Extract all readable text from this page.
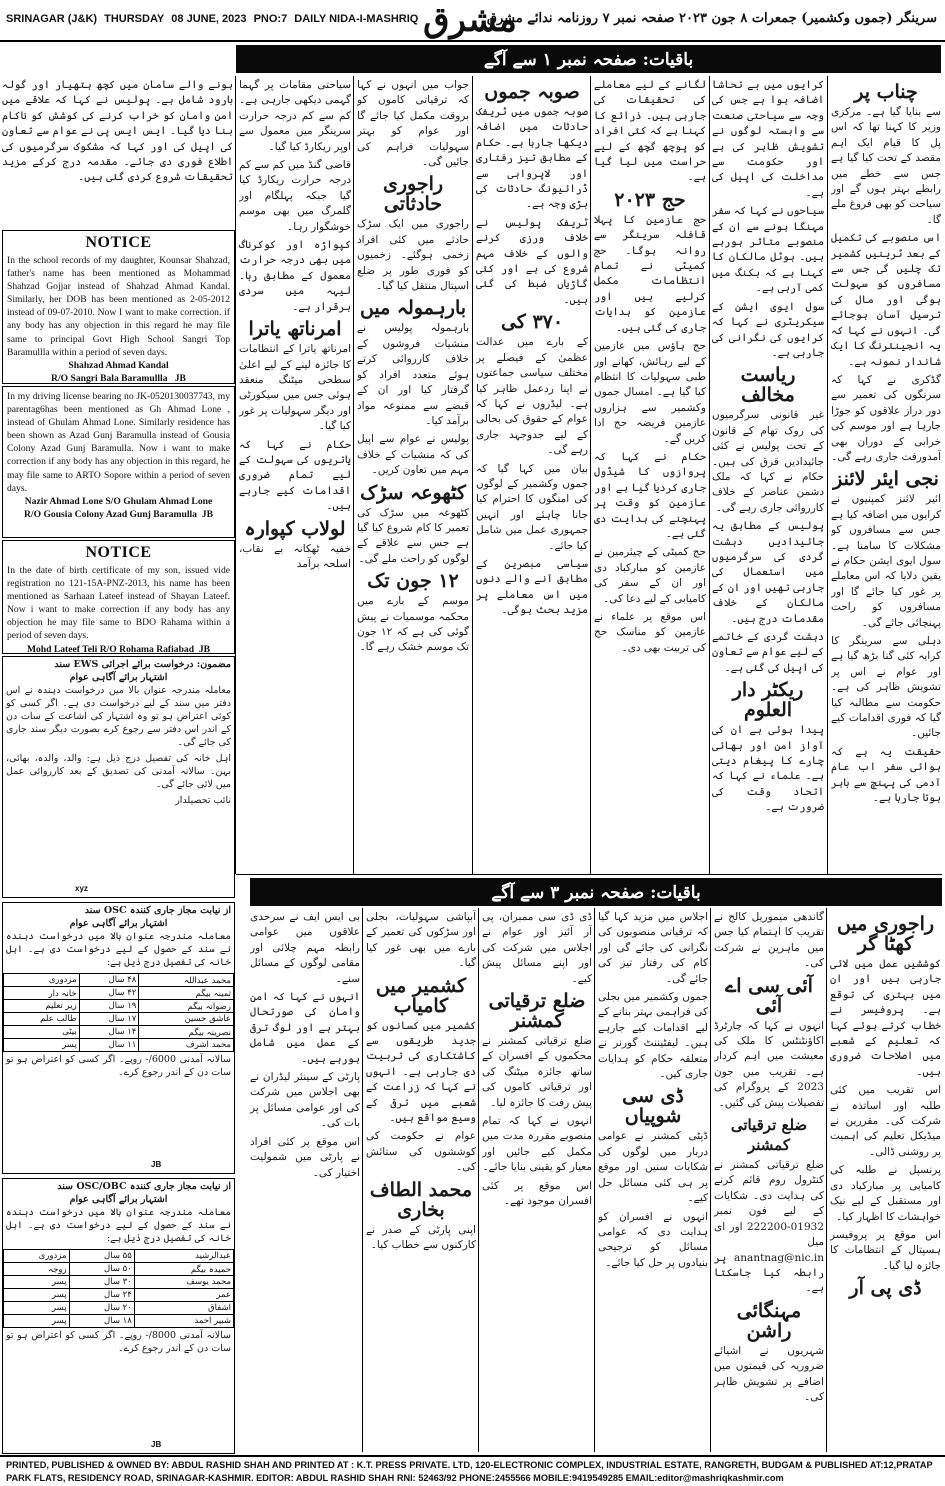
SRINAGAR (J&K) THURSDAY 08 JUNE, 2023 PNO:7 DAILY NIDA-I-MASHRIQ مشرق
سرینگر (جموں وکشمیر) جمعرات ۸ جون ۲۰۲۳ صفحہ نمبر ۷ روزنامہ ندائے مشرق
باقیات: صفحہ نمبر ۱ سے آگے
باقیات: صفحہ نمبر ۳ سے آگے
چناب پر

سے بنایا گیا ہے۔ مرکزی وزیر کا کہنا تھا کہ اس پل کا قیام ایک اہم مقصد کے تحت کیا گیا ہے جس سے خطے میں رابطے بہتر ہوں گے اور سیاحت کو بھی فروغ ملے گا۔

اس منصوبے کی تکمیل کے بعد ٹرینیں کشمیر تک چلیں گی جس سے مسافروں کو سہولت ہوگی اور مال کی ترسیل آسان ہوجائے گی۔ انہوں نے کہا کہ یہ انجینئرنگ کا ایک شاندار نمونہ ہے۔

گڈکری نے کہا کہ سرنگوں کی تعمیر سے دور دراز علاقوں کو جوڑا جارہا ہے اور موسم کی خرابی کے دوران بھی آمدورفت جاری رہے گی۔

نجی ایئر لائنز

ائیر لائنز کمپنیوں نے کرایوں میں اضافہ کیا ہے جس سے مسافروں کو مشکلات کا سامنا ہے۔ سول ایوی ایشن حکام نے یقین دلایا کہ اس معاملے پر غور کیا جائے گا اور مسافروں کو راحت پہنچائی جائے گی۔

دہلی سے سرینگر کا کرایہ کئی گنا بڑھ گیا ہے اور عوام نے اس پر تشویش ظاہر کی ہے۔ حکومت سے مطالبہ کیا گیا کہ فوری اقدامات کیے جائیں۔

حقیقت یہ ہے کہ ہوائی سفر اب عام آدمی کی پہنچ سے باہر ہوتا جارہا ہے۔

کرایوں میں بے تحاشا اضافہ ہوا ہے جس کی وجہ سے سیاحتی صنعت سے وابستہ لوگوں نے تشویش ظاہر کی ہے اور حکومت سے مداخلت کی اپیل کی ہے۔

سیاحوں نے کہا کہ سفر مہنگا ہونے سے ان کے منصوبے متاثر ہورہے ہیں۔ ہوٹل مالکان کا کہنا ہے کہ بکنگ میں کمی آرہی ہے۔

سول ایوی ایشن کے سیکریٹری نے کہا کہ کرایوں کی نگرانی کی جارہی ہے۔

ریاست مخالف

غیر قانونی سرگرمیوں کی روک تھام کے قانون کے تحت پولیس نے کئی جائیدادیں قرق کی ہیں۔ حکام نے کہا کہ ملک دشمن عناصر کے خلاف کارروائی جاری رہے گی۔

پولیس کے مطابق یہ جائیدادیں دہشت گردی کی سرگرمیوں میں استعمال کی جارہی تھیں اور ان کے مالکان کے خلاف مقدمات درج ہیں۔

دہشت گردی کے خاتمے کے لیے عوام سے تعاون کی اپیل کی گئی ہے۔

ریکٹر دار العلوم

پیدا ہوئی ہے ان کی آواز امن اور بھائی چارے کا پیغام دیتی ہے۔ علماء نے کہا کہ اتحاد وقت کی ضرورت ہے۔

لگانے کے لیے معاملے کی تحقیقات کی جارہی ہیں۔ ذرائع کا کہنا ہے کہ کئی افراد کو پوچھ گچھ کے لیے حراست میں لیا گیا ہے۔

حج ۲۰۲۳

حج عازمین کا پہلا قافلہ سرینگر سے روانہ ہوگا۔ حج کمیٹی نے تمام انتظامات مکمل کرلیے ہیں اور عازمین کو ہدایات جاری کی گئی ہیں۔

حج ہاؤس میں عازمین کے لیے رہائش، کھانے اور طبی سہولیات کا انتظام کیا گیا ہے۔ امسال جموں وکشمیر سے ہزاروں عازمین فریضہ حج ادا کریں گے۔

حکام نے کہا کہ پروازوں کا شیڈول جاری کردیا گیا ہے اور عازمین کو وقت پر پہنچنے کی ہدایت دی گئی ہے۔

حج کمیٹی کے چیئرمین نے عازمین کو مبارکباد دی اور ان کے سفر کی کامیابی کے لیے دعا کی۔

اس موقع پر علماء نے عازمین کو مناسک حج کی تربیت بھی دی۔

صوبہ جموں

صوبہ جموں میں ٹریفک حادثات میں اضافہ دیکھا جارہا ہے۔ حکام کے مطابق تیز رفتاری اور لاپرواہی سے ڈرائیونگ حادثات کی بڑی وجہ ہے۔

ٹریفک پولیس نے خلاف ورزی کرنے والوں کے خلاف مہم شروع کی ہے اور کئی گاڑیاں ضبط کی گئی ہیں۔

۳۷۰ کی

کے بارے میں عدالت عظمیٰ کے فیصلے پر مختلف سیاسی جماعتوں نے اپنا ردعمل ظاہر کیا ہے۔ لیڈروں نے کہا کہ عوام کے حقوق کی بحالی کے لیے جدوجہد جاری رہے گی۔

بیان میں کہا گیا کہ جموں وکشمیر کے لوگوں کی امنگوں کا احترام کیا جانا چاہئے اور انہیں جمہوری عمل میں شامل کیا جائے۔

سیاسی مبصرین کے مطابق آنے والے دنوں میں اس معاملے پر مزید بحث ہوگی۔

جواب میں انہوں نے کہا کہ ترقیاتی کاموں کو بروقت مکمل کیا جائے گا اور عوام کو بہتر سہولیات فراہم کی جائیں گی۔

راجوری حادثاتی

راجوری میں ایک سڑک حادثے میں کئی افراد زخمی ہوگئے۔ زخمیوں کو فوری طور پر ضلع اسپتال منتقل کیا گیا۔

بارہمولہ میں

بارہمولہ پولیس نے منشیات فروشوں کے خلاف کارروائی کرتے ہوئے متعدد افراد کو گرفتار کیا اور ان کے قبضے سے ممنوعہ مواد برآمد کیا۔

پولیس نے عوام سے اپیل کی کہ منشیات کے خلاف مہم میں تعاون کریں۔

کٹھوعہ سڑک

کٹھوعہ میں سڑک کی تعمیر کا کام شروع کیا گیا ہے جس سے علاقے کے لوگوں کو راحت ملے گی۔

۱۲ جون تک

موسم کے بارے میں محکمہ موسمیات نے پیش گوئی کی ہے کہ ۱۲ جون تک موسم خشک رہے گا۔

سیاحتی مقامات پر گہما گہمی دیکھی جارہی ہے۔ کم سے کم درجہ حرارت سرینگر میں معمول سے اوپر ریکارڈ کیا گیا۔

قاضی گنڈ میں کم سے کم درجہ حرارت ریکارڈ کیا گیا جبکہ پہلگام اور گلمرگ میں بھی موسم خوشگوار رہا۔

کپواڑہ اور کوکرناگ میں بھی درجہ حرارت معمول کے مطابق رہا۔ لیہہ میں سردی برقرار ہے۔

امرناتھ یاترا

امرناتھ یاترا کے انتظامات کا جائزہ لینے کے لیے اعلیٰ سطحی میٹنگ منعقد ہوئی جس میں سیکورٹی اور دیگر سہولیات پر غور کیا گیا۔

حکام نے کہا کہ یاتریوں کی سہولت کے لیے تمام ضروری اقدامات کیے جارہے ہیں۔

لولاب کپوارہ

خفیہ ٹھکانہ بے نقاب، اسلحہ برآمد

ہونے والے سامان میں کچھ ہتھیار اور گولہ بارود شامل ہے۔ پولیس نے کہا کہ علاقے میں امن وامان کو خراب کرنے کی کوشش کو ناکام بنا دیا گیا۔ ایس ایس پی نے عوام سے تعاون کی اپیل کی اور کہا کہ مشکوک سرگرمیوں کی اطلاع فوری دی جائے۔ مقدمہ درج کرکے مزید تحقیقات شروع کردی گئی ہیں۔

NOTICE
In the school records of my daughter, Kounsar Shahzad, father's name has been mentioned as Mohammad Shahzad Gojjar instead of Shahzad Ahmad Kandal. Similarly, her DOB has been mentioned as 2-05-2012 instead of 09-07-2010. Now I want to make correction. if any body has any objection in this regard he may file same to principal Govt High School Sangri Top Baramullla within a period of seven days.
Shahzad Ahmad Kandal
R/O Sangri Bala Baramullla JB
In my driving license bearing no JK-0520130037743, my parentag6has been mentioned as Gh Ahmad Lone , instead of Ghulam Ahmad Lone. Similarly residence has been shown as Azad Gunj Baramulla instead of Gousia Colony Azad Gunj Baramulla. Now i want to make correction if any body has any objection in this regard, he may file same to ARTO Sopore within a period of seven days.
Nazir Ahmad Lone S/O Ghulam Ahmad Lone
R/O Gousia Colony Azad Gunj Baramulla JB
NOTICE
In the date of birth certificate of my son, issued vide registration no 121-15A-PNZ-2013, his name has been mentioned as Sarhaan Lateef instead of Shayan Lateef. Now i want to make correction if any body has any objection he may file same to BDO Rahama within a period of seven days.
Mohd Lateef Teli R/O Rohama Rafiabad JB
مضمون: درخواست برائے اجرائی EWS سند
اشتہار برائے آگاہی عوام

معاملہ مندرجہ عنوان بالا میں درخواست دہندہ نے اس دفتر میں سند کے لیے درخواست دی ہے۔ اگر کسی کو کوئی اعتراض ہو تو وہ اشتہار کی اشاعت کے سات دن کے اندر اس دفتر سے رجوع کرے بصورت دیگر سند جاری کی جائے گی۔

اہل خانہ کی تفصیل درج ذیل ہے: والد، والدہ، بھائی، بہن۔ سالانہ آمدنی کی تصدیق کے بعد کارروائی عمل میں لائی جائے گی۔

نائب تحصیلدار

xyz
از نیابت مجاز جاری کنندہ OSC سند
اشتہار برائے آگاہی عوام

معاملہ مندرجہ عنوان بالا میں درخواست دہندہ نے سند کے حصول کے لیے درخواست دی ہے۔ اہل خانہ کی تفصیل درج ذیل ہے:

محمد عبداللہ	۴۸ سال	مزدوری
ثمینہ بیگم	۴۲ سال	خانہ دار
رضوانہ بیگم	۱۹ سال	زیر تعلیم
عاشق حسین	۱۷ سال	طالب علم
نصرینہ بیگم	۱۴ سال	بیٹی
محمد اشرف	۱۱ سال	پسر

سالانہ آمدنی 6000/- روپے۔ اگر کسی کو اعتراض ہو تو سات دن کے اندر رجوع کرے۔

JB
از نیابت مجاز جاری کنندہ OSC/OBC سند
اشتہار برائے آگاہی عوام

معاملہ مندرجہ عنوان بالا میں درخواست دہندہ نے سند کے حصول کے لیے درخواست دی ہے۔ اہل خانہ کی تفصیل درج ذیل ہے:

عبدالرشید	۵۵ سال	مزدوری
حمیدہ بیگم	۵۰ سال	زوجہ
محمد یوسف	۳۰ سال	پسر
عمر	۲۴ سال	پسر
اشفاق	۲۰ سال	پسر
شبیر احمد	۱۸ سال	پسر

سالانہ آمدنی 8000/- روپے۔ اگر کسی کو اعتراض ہو تو سات دن کے اندر رجوع کرے۔

JB
راجوری میں کھٹا گر

کوششیں عمل میں لائی جارہی ہیں اور ان میں بہتری کی توقع ہے۔ پروفیسر نے خطاب کرتے ہوئے کہا کہ تعلیم کے شعبے میں اصلاحات ضروری ہیں۔

اس تقریب میں کئی طلبہ اور اساتذہ نے شرکت کی۔ مقررین نے میڈیکل تعلیم کی اہمیت پر روشنی ڈالی۔

پرنسپل نے طلبہ کی کامیابی پر مبارکباد دی اور مستقبل کے لیے نیک خواہشات کا اظہار کیا۔

اس موقع پر پروفیسر ہسپتال کے انتظامات کا جائزہ لیا گیا۔

ڈی پی آر

گاندھی میموریل کالج نے تقریب کا اہتمام کیا جس میں ماہرین نے شرکت کی۔

آئی سی اے آئی

انہوں نے کہا کہ چارٹرڈ اکاؤنٹنٹس کا ملک کی معیشت میں اہم کردار ہے۔ تقریب میں جون 2023 کے پروگرام کی تفصیلات پیش کی گئیں۔

ضلع ترقیاتی کمشنر

ضلع ترقیاتی کمشنر نے کنٹرول روم قائم کرنے کی ہدایت دی۔ شکایات کے لیے فون نمبر 01932-222200 اور ای میل anantnag@nic.in پر رابطہ کیا جاسکتا ہے۔

مہنگائی راشن

شہریوں نے اشیائے ضروریہ کی قیمتوں میں اضافے پر تشویش ظاہر کی۔

اجلاس میں مزید کہا گیا کہ ترقیاتی منصوبوں کی نگرانی کی جائے گی اور کام کی رفتار تیز کی جائے گی۔

جموں وکشمیر میں بجلی کی فراہمی بہتر بنانے کے لیے اقدامات کیے جارہے ہیں۔ لیفٹیننٹ گورنر نے متعلقہ حکام کو ہدایات جاری کیں۔

ڈی سی شوپیاں

ڈپٹی کمشنر نے عوامی دربار میں لوگوں کی شکایات سنیں اور موقع پر ہی کئی مسائل حل کیے۔

انہوں نے افسران کو ہدایت دی کہ عوامی مسائل کو ترجیحی بنیادوں پر حل کیا جائے۔

ڈی ڈی سی ممبران، پی آر آئیز اور عوام نے اجلاس میں شرکت کی اور اپنے مسائل پیش کیے۔

ضلع ترقیاتی کمشنر

ضلع ترقیاتی کمشنر نے محکموں کے افسران کے ساتھ جائزہ میٹنگ کی اور ترقیاتی کاموں کی پیش رفت کا جائزہ لیا۔

انہوں نے کہا کہ تمام منصوبے مقررہ مدت میں مکمل کیے جائیں اور معیار کو یقینی بنایا جائے۔

اس موقع پر کئی افسران موجود تھے۔

آبپاشی سہولیات، بجلی اور سڑکوں کی تعمیر کے بارے میں بھی غور کیا گیا۔

کشمیر میں کامیاب

کشمیر میں کسانوں کو جدید طریقوں سے کاشتکاری کی تربیت دی جارہی ہے۔ انہوں نے کہا کہ زراعت کے شعبے میں ترقی کے وسیع مواقع ہیں۔

عوام نے حکومت کی کوششوں کی ستائش کی۔

محمد الطاف بخاری

اپنی پارٹی کے صدر نے کارکنوں سے خطاب کیا۔

بی ایس ایف نے سرحدی علاقوں میں عوامی رابطہ مہم چلائی اور مقامی لوگوں کے مسائل سنے۔

انہوں نے کہا کہ امن وامان کی صورتحال بہتر ہے اور لوگ ترقی کے عمل میں شامل ہورہے ہیں۔

پارٹی کے سینئر لیڈران نے بھی اجلاس میں شرکت کی اور عوامی مسائل پر بات کی۔

اس موقع پر کئی افراد نے پارٹی میں شمولیت اختیار کی۔

PRINTED, PUBLISHED & OWNED BY: ABDUL RASHID SHAH AND PRINTED AT : K.T. PRESS PRIVATE. LTD, 120-ELECTRONIC COMPLEX, INDUSTRIAL ESTATE, RANGRETH, BUDGAM & PUBLISHED AT:12,PRATAP
PARK FLATS, RESIDENCY ROAD, SRINAGAR-KASHMIR. EDITOR: ABDUL RASHID SHAH RNI: 52463/92 PHONE:2455566 MOBILE:9419549285 EMAIL:editor@mashriqkashmir.com
